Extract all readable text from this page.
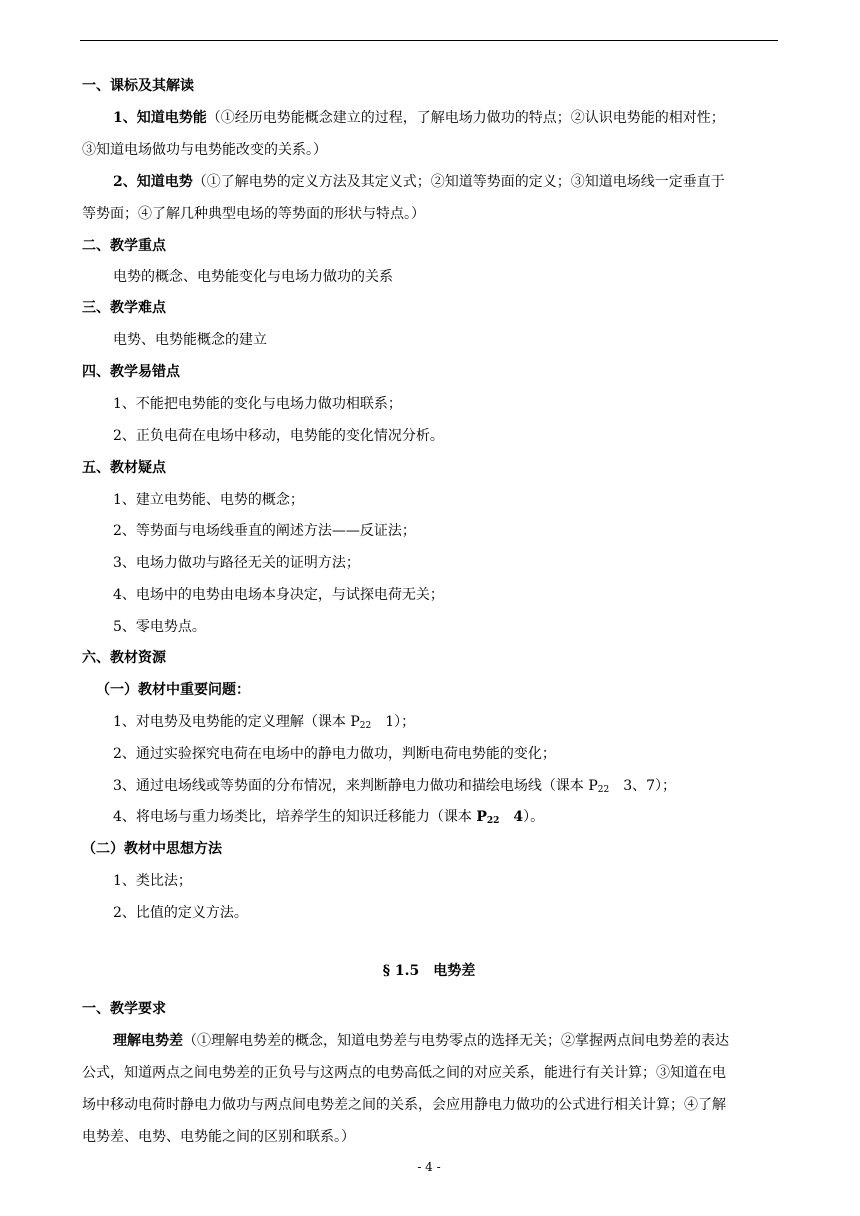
一、课标及其解读
1、知道电势能（①经历电势能概念建立的过程，了解电场力做功的特点；②认识电势能的相对性；
③知道电场做功与电势能改变的关系。）
2、知道电势（①了解电势的定义方法及其定义式；②知道等势面的定义；③知道电场线一定垂直于
等势面；④了解几种典型电场的等势面的形状与特点。）
二、教学重点
电势的概念、电势能变化与电场力做功的关系
三、教学难点
电势、电势能概念的建立
四、教学易错点
1、不能把电势能的变化与电场力做功相联系；
2、正负电荷在电场中移动，电势能的变化情况分析。
五、教材疑点
1、建立电势能、电势的概念；
2、等势面与电场线垂直的阐述方法——反证法；
3、电场力做功与路径无关的证明方法；
4、电场中的电势由电场本身决定，与试探电荷无关；
5、零电势点。
六、教材资源
（一）教材中重要问题：
1、对电势及电势能的定义理解（课本 $P_{22}$　1）；
2、通过实验探究电荷在电场中的静电力做功，判断电荷电势能的变化；
3、通过电场线或等势面的分布情况，来判断静电力做功和描绘电场线（课本 $P_{22}$　3、7）；
4、将电场与重力场类比，培养学生的知识迁移能力（课本 $P_{22}$　4）。
（二）教材中思想方法
1、类比法；
2、比值的定义方法。
§ 1.5　电势差
一、教学要求
理解电势差（①理解电势差的概念，知道电势差与电势零点的选择无关；②掌握两点间电势差的表达
公式，知道两点之间电势差的正负号与这两点的电势高低之间的对应关系，能进行有关计算；③知道在电
场中移动电荷时静电力做功与两点间电势差之间的关系，会应用静电力做功的公式进行相关计算；④了解
电势差、电势、电势能之间的区别和联系。）
- 4 -
